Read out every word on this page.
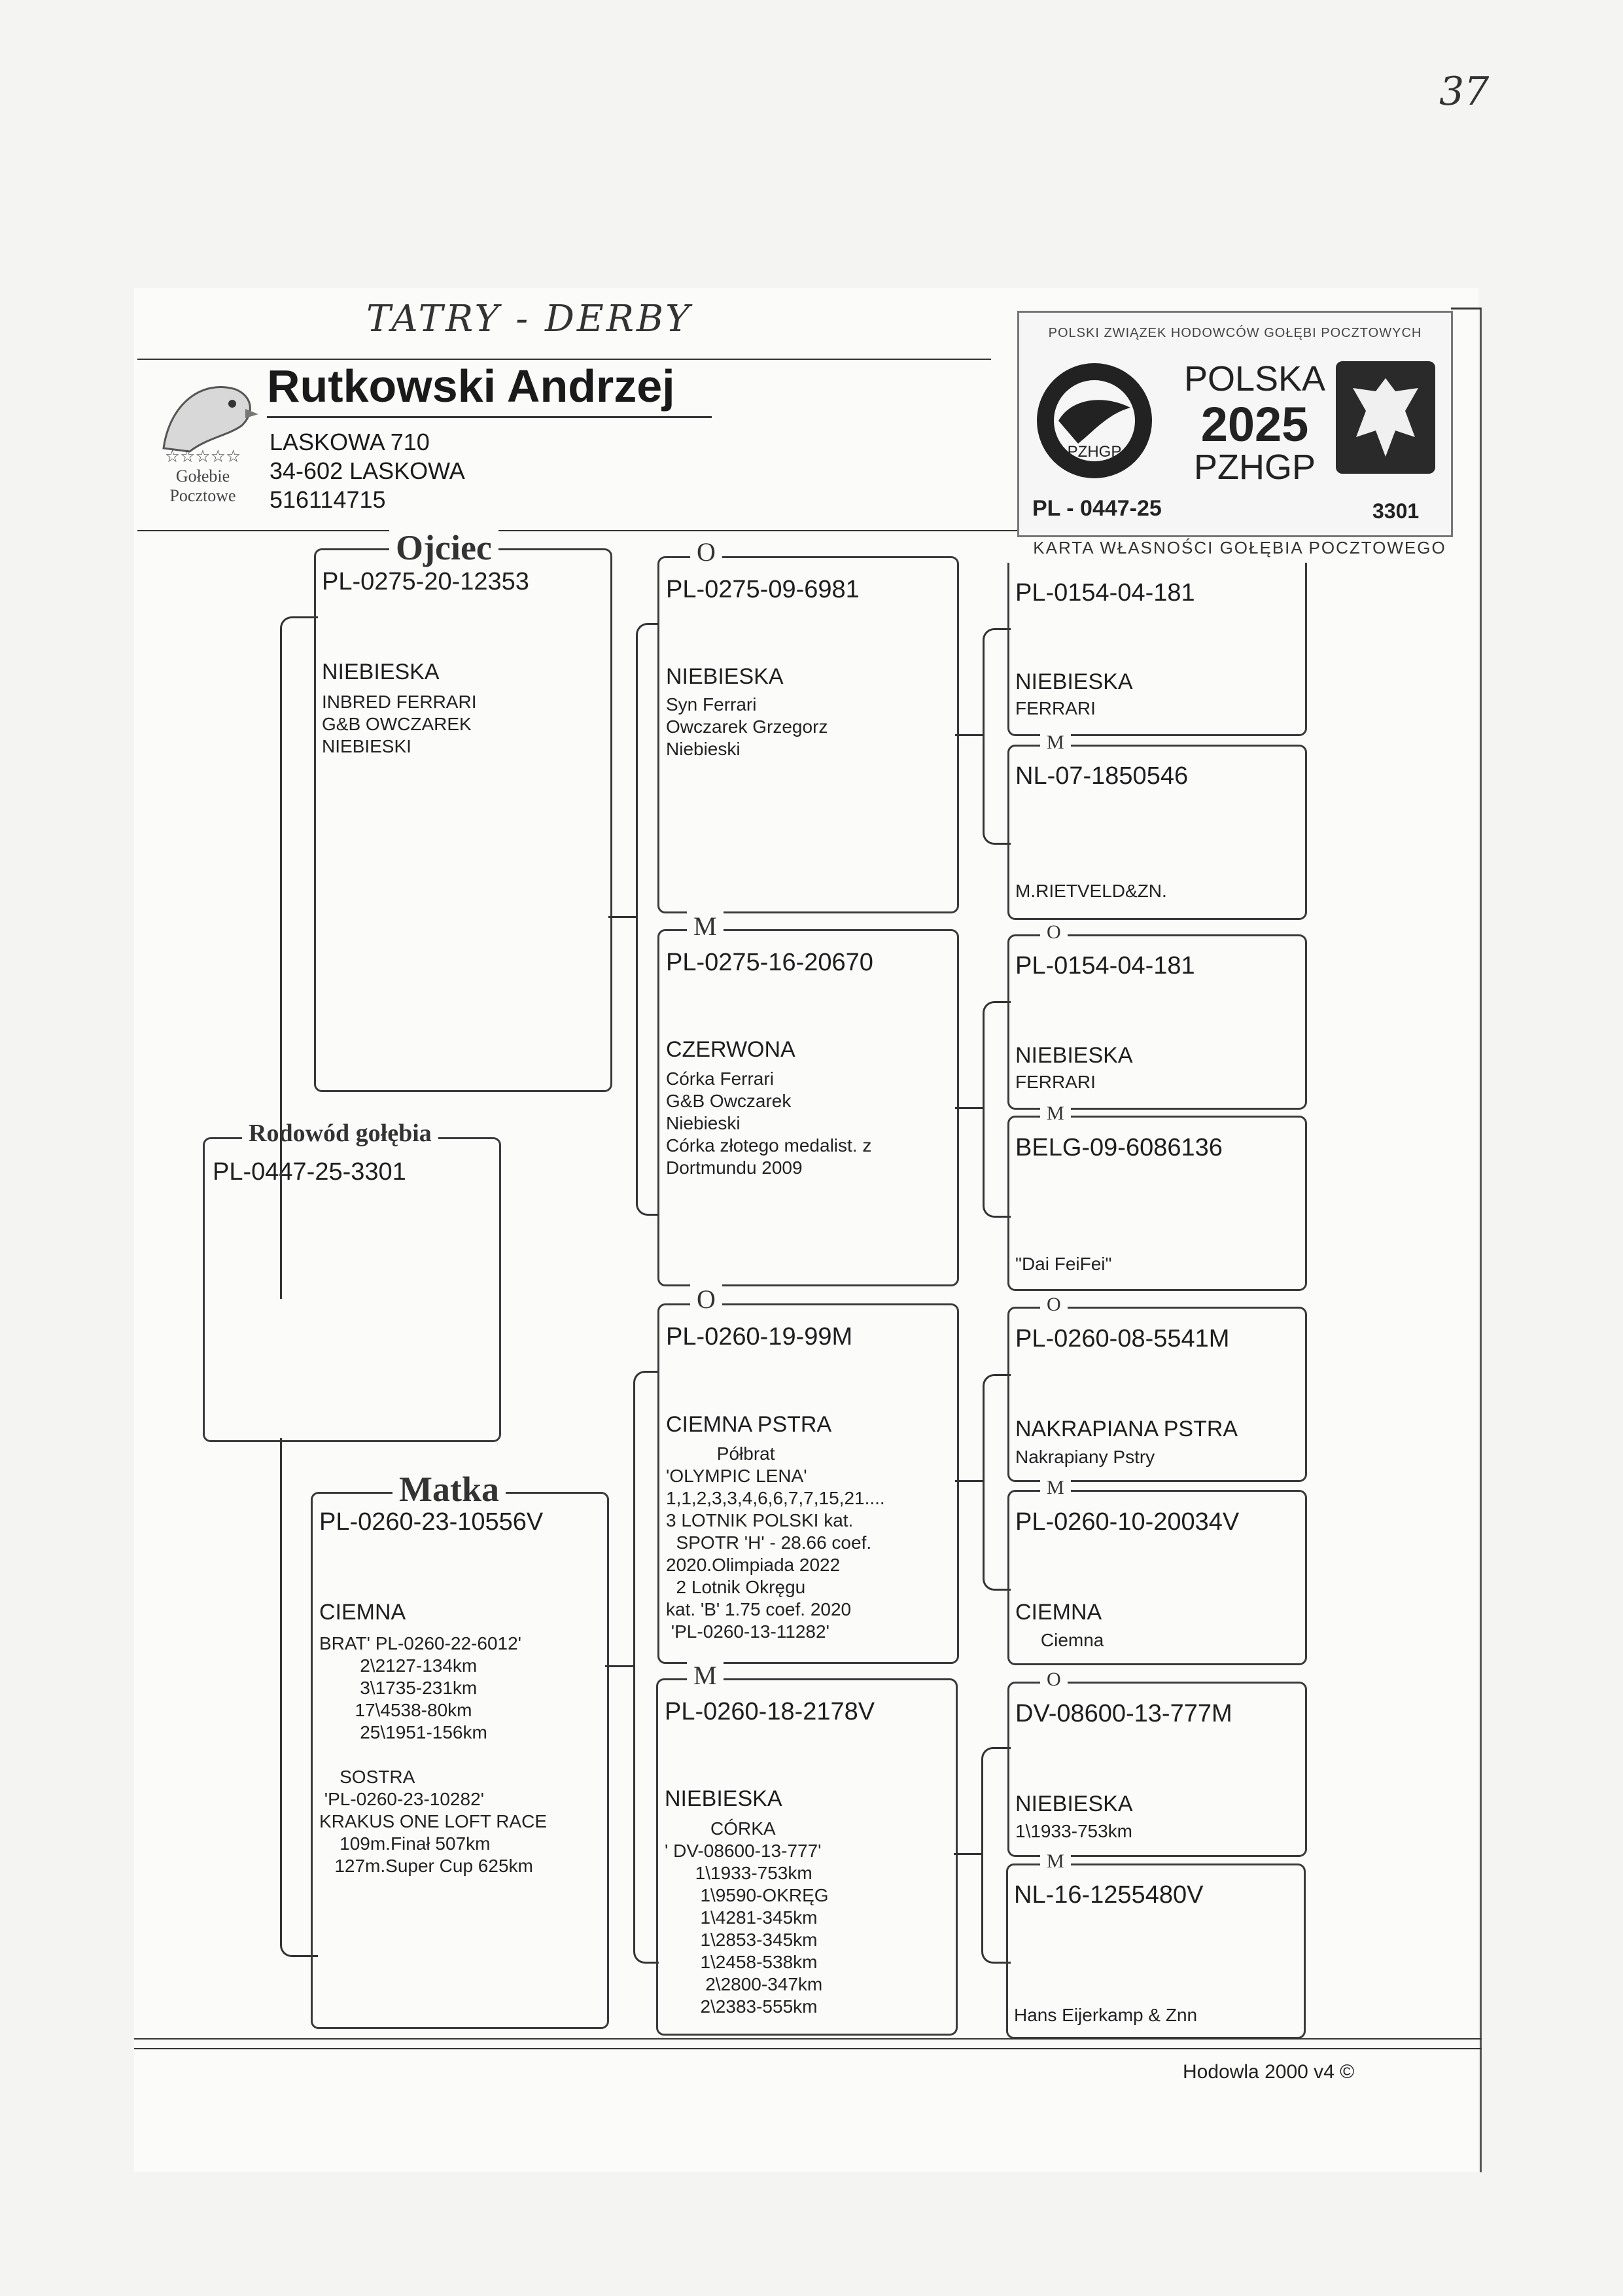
37
TATRY - DERBY
☆☆☆☆☆
Gołebie
Pocztowe
Rutkowski Andrzej
LASKOWA 710
34-602 LASKOWA
516114715
POLSKI ZWIĄZEK HODOWCÓW GOŁĘBI POCZTOWYCH
PZHGP
POLSKA
2025
PZHGP
PL - 0447-25	3301
KARTA WŁASNOŚCI GOŁĘBIA POCZTOWEGO
Rodowód gołębia
PL-0447-25-3301
Ojciec
PL-0275-20-12353
NIEBIESKA
INBRED FERRARI
G&B OWCZAREK
NIEBIESKI
Matka
PL-0260-23-10556V
CIEMNA
BRAT' PL-0260-22-6012'
2\2127-134km
3\1735-231km
17\4538-80km
25\1951-156km

SOSTRA
'PL-0260-23-10282'
KRAKUS ONE LOFT RACE
109m.Finał 507km
127m.Super Cup 625km
O
PL-0275-09-6981
NIEBIESKA
Syn Ferrari
Owczarek Grzegorz
Niebieski
M
PL-0275-16-20670
CZERWONA
Córka Ferrari
G&B Owczarek
Niebieski
Córka złotego medalist. z
Dortmundu 2009
O
PL-0260-19-99M
CIEMNA PSTRA
Półbrat
'OLYMPIC LENA'
1,1,2,3,3,4,6,6,7,7,15,21....
3 LOTNIK POLSKI kat.
SPOTR 'H' - 28.66 coef.
2020.Olimpiada 2022
2 Lotnik Okręgu
kat. 'B' 1.75 coef. 2020
'PL-0260-13-11282'
M
PL-0260-18-2178V
NIEBIESKA
CÓRKA
' DV-08600-13-777'
1\1933-753km
1\9590-OKRĘG
1\4281-345km
1\2853-345km
1\2458-538km
2\2800-347km
2\2383-555km
PL-0154-04-181
NIEBIESKA
FERRARI
M
NL-07-1850546
M.RIETVELD&ZN.
O
PL-0154-04-181
NIEBIESKA
FERRARI
M
BELG-09-6086136
"Dai FeiFei"
O
PL-0260-08-5541M
NAKRAPIANA PSTRA
Nakrapiany Pstry
M
PL-0260-10-20034V
CIEMNA
Ciemna
O
DV-08600-13-777M
NIEBIESKA
1\1933-753km
M
NL-16-1255480V
Hans Eijerkamp & Znn
Hodowla 2000 v4 ©
